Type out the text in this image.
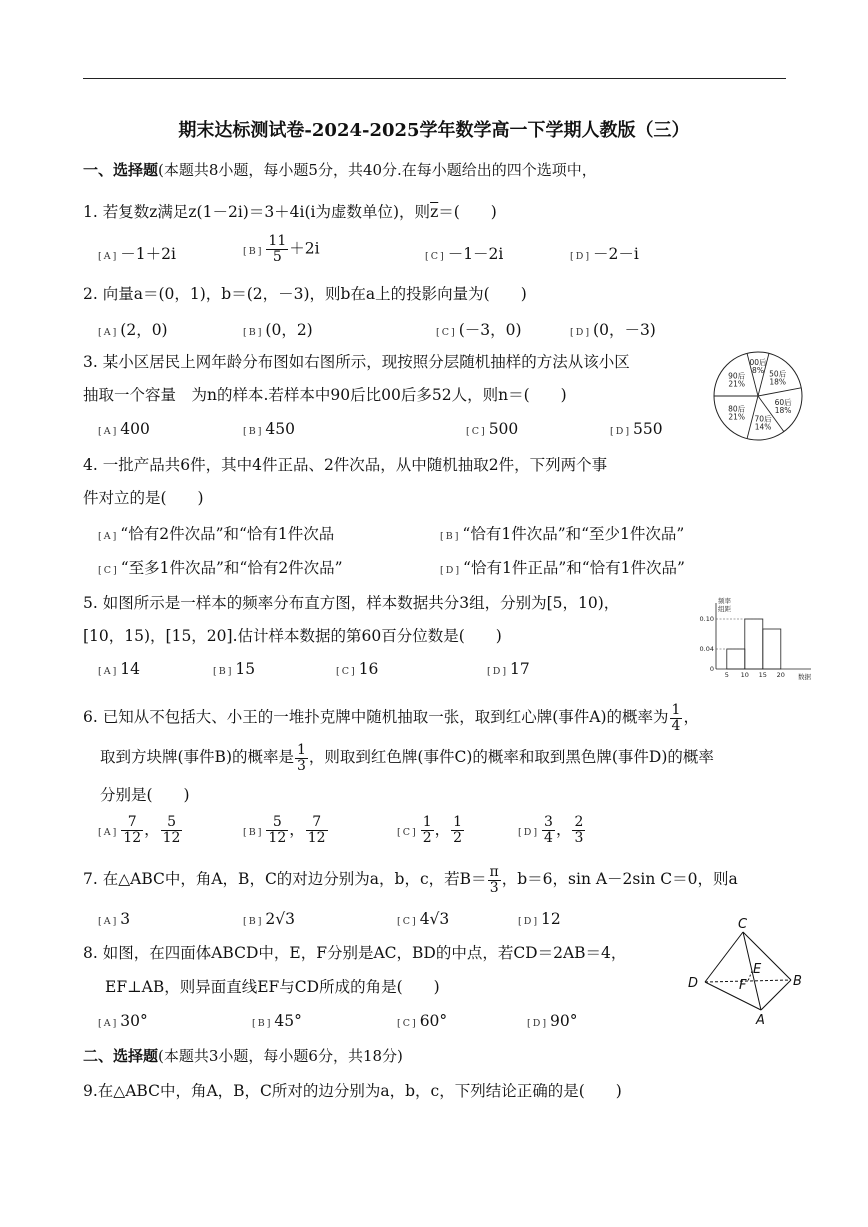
期末达标测试卷-2024-2025学年数学高一下学期人教版（三）
一、选择题(本题共8小题，每小题5分，共40分.在每小题给出的四个选项中，
1. 若复数z满足z(1－2i)＝3＋4i(i为虚数单位)，则$\overline{z}=$(　　)
[A] －1＋2i	$[B] \frac{11}{5} +2i$	[C] －1－2i	[D] －2－i
2. 向量a＝(0，1)，b＝(2，－3)，则b在a上的投影向量为(　　)
[A] (2，0)	[B] (0，2)	[C] (－3，0)	[D] (0，－3)
3. 某小区居民上网年龄分布图如右图所示，现按照分层随机抽样的方法从该小区
抽取一个容量　为n的样本.若样本中90后比00后多52人，则n＝(　　)
[A] 400	[B] 450	[C] 500	[D] 550
00后
8% 50后
18%
60后
18%
70后
14%
80后
21%
90后
21%
4. 一批产品共6件，其中4件正品、2件次品，从中随机抽取2件，下列两个事
件对立的是(　　)
[A] “恰有2件次品”和“恰有1件次品	[B] “恰有1件次品”和“至少1件次品”
[C] “至多1件次品”和“恰有2件次品”	[D] “恰有1件正品”和“恰有1件次品”
5. 如图所示是一样本的频率分布直方图，样本数据共分3组，分别为[5，10)，
[10，15)，[15，20].估计样本数据的第60百分位数是(　　)
[A] 14	[B] 15	[C] 16	[D] 17
频率
组距
数据
0.10
0.04
0
5 10 15 20
6. 已知从不包括大、小王的一堆扑克牌中随机抽取一张，取到红心牌(事件A)的概率为 $\frac{1}{4}$ ，
取到方块牌(事件B)的概率是 $\frac{1}{3}$ ，则取到红色牌(事件C)的概率和取到黑色牌(事件D)的概率
分别是(　　)
$[A] \frac{7}{12}$ ， $\frac{5}{12}$	$[B] \frac{5}{12}$ ， $\frac{7}{12}$	$[C] \frac{1}{2}$ ， $\frac{1}{2}$	$[D] \frac{3}{4}$ ， $\frac{2}{3}$
7. 在△ABC中，角A，B，C的对边分别为a，b，c，若$B= \frac{\pi}{3}$ ，b＝6，sin A－2sin C＝0，则a
[A] 3	[B] 2√3	[C] 4√3	[D] 12
8. 如图，在四面体ABCD中，E，F分别是AC，BD的中点，若CD＝2AB＝4，
EF⊥AB，则异面直线EF与CD所成的角是(　　)
[A] 30°	[B] 45°	[C] 60°	[D] 90°
C
D	B
A
E
F
二、选择题(本题共3小题，每小题6分，共18分)
9.在△ABC中，角A，B，C所对的边分别为a，b，c，下列结论正确的是(　　)
